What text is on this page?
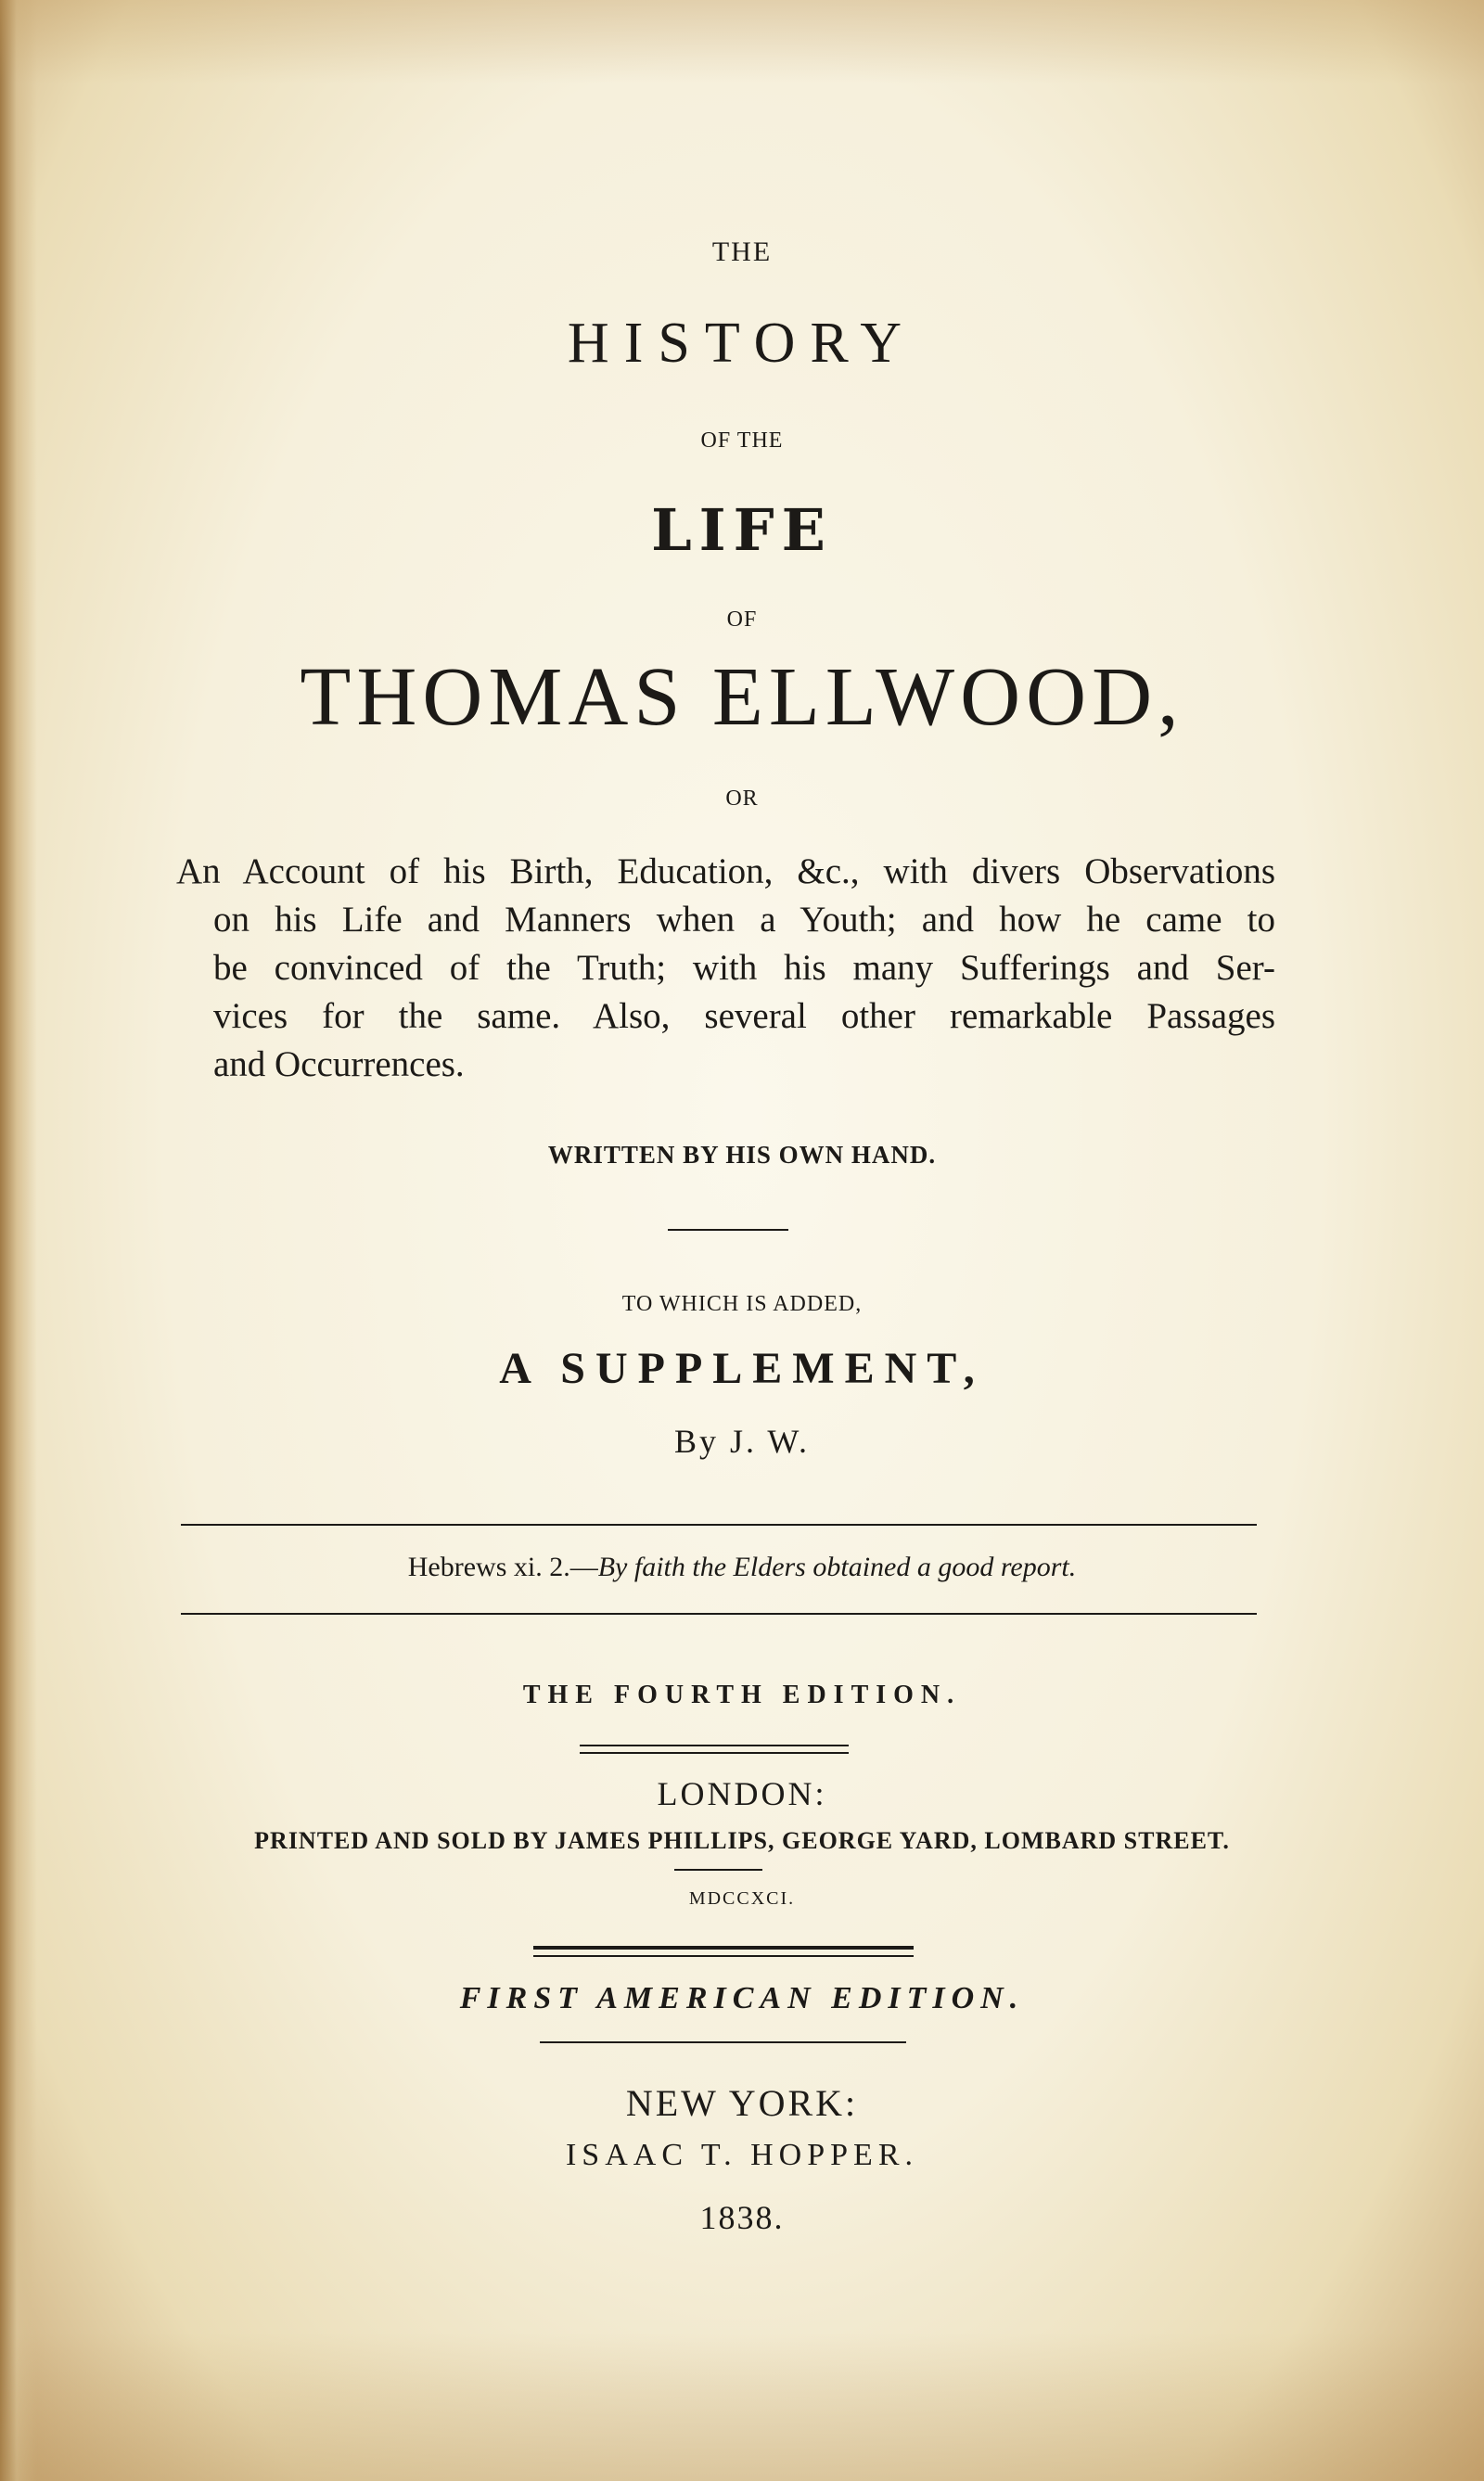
THE
HISTORY
OF THE
LIFE
OF
THOMAS ELLWOOD,
OR
An Account of his Birth, Education, &c., with divers Observations
on his Life and Manners when a Youth; and how he came to
be convinced of the Truth; with his many Sufferings and Ser-
vices for the same. Also, several other remarkable Passages
and Occurrences.
WRITTEN BY HIS OWN HAND.
TO WHICH IS ADDED,
A SUPPLEMENT,
By J. W.
Hebrews xi. 2.—By faith the Elders obtained a good report.
THE FOURTH EDITION.
LONDON:
PRINTED AND SOLD BY JAMES PHILLIPS, GEORGE YARD, LOMBARD STREET.
MDCCXCI.
FIRST AMERICAN EDITION.
NEW YORK:
ISAAC T. HOPPER.
1838.
